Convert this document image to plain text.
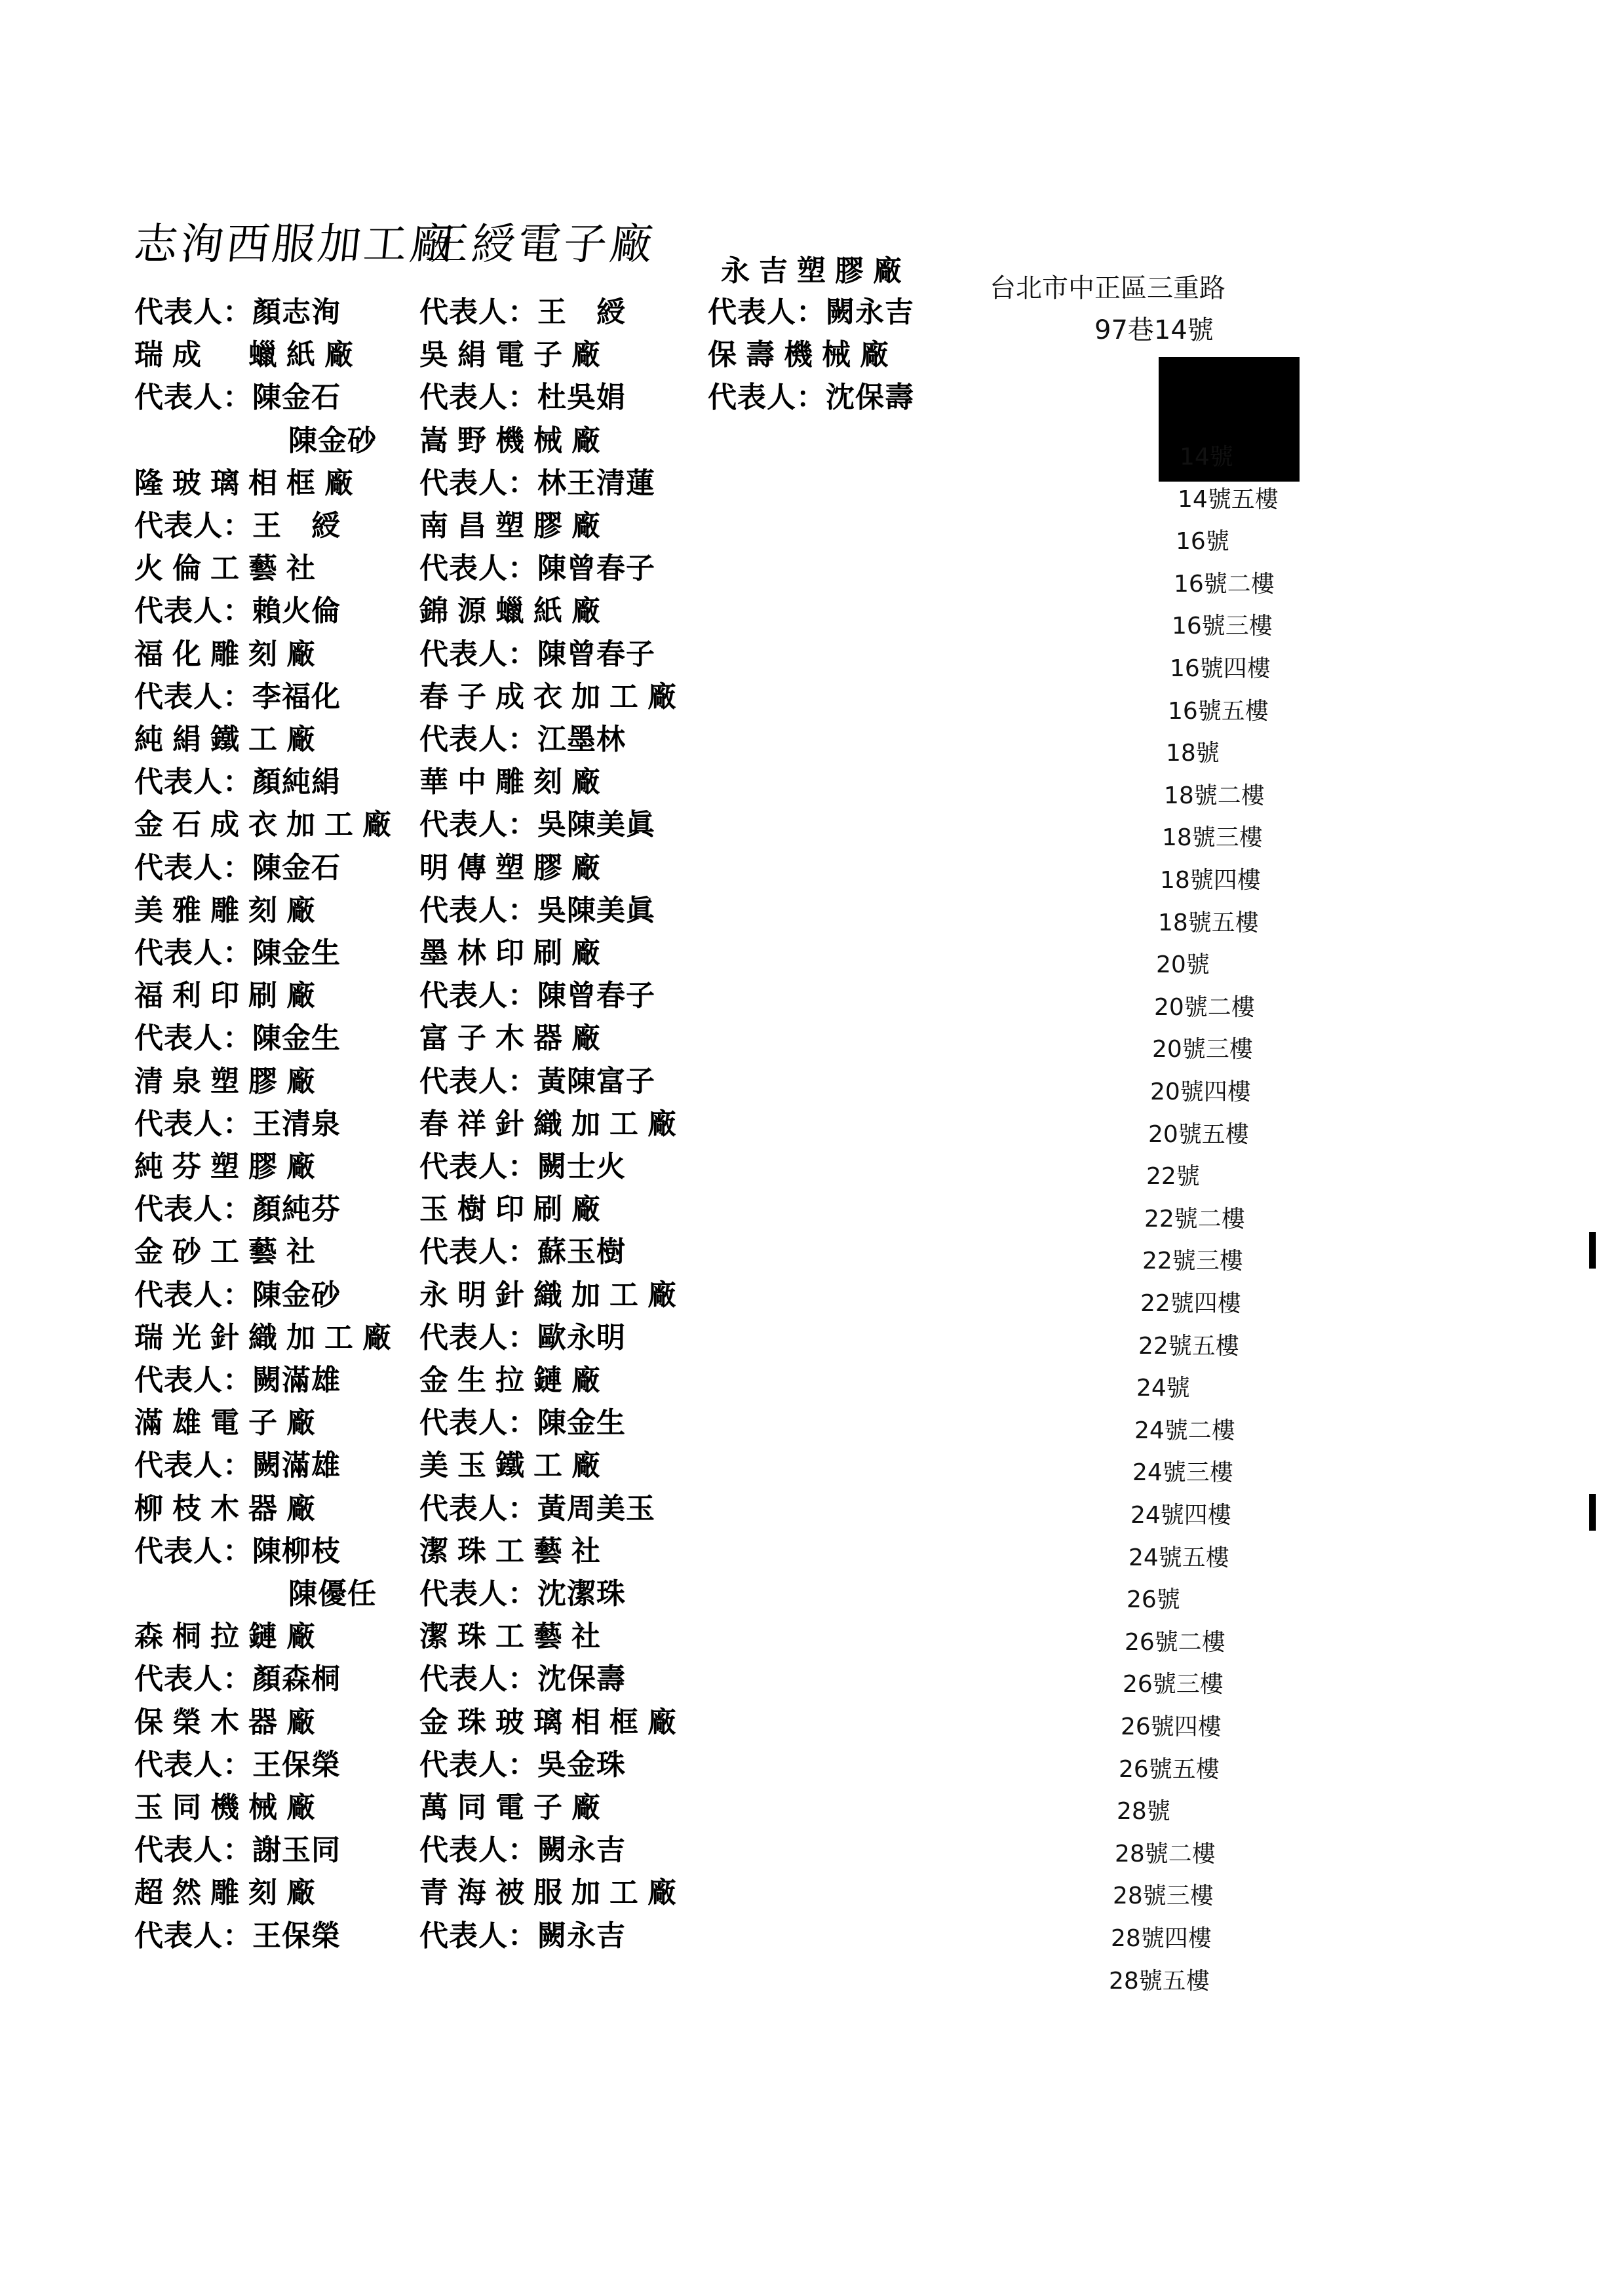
志洵西服加工廠
王綬電子廠
永吉塑膠廠
代表人：顏志洵
瑞成　蠟紙廠
代表人：陳金石
陳金砂
隆玻璃相框廠
代表人：王　綬
火倫工藝社
代表人：賴火倫
福化雕刻廠
代表人：李福化
純絹鐵工廠
代表人：顏純絹
金石成衣加工廠
代表人：陳金石
美雅雕刻廠
代表人：陳金生
福利印刷廠
代表人：陳金生
清泉塑膠廠
代表人：王清泉
純芬塑膠廠
代表人：顏純芬
金砂工藝社
代表人：陳金砂
瑞光針織加工廠
代表人：闕滿雄
滿雄電子廠
代表人：闕滿雄
柳枝木器廠
代表人：陳柳枝
陳優任
森桐拉鏈廠
代表人：顏森桐
保榮木器廠
代表人：王保榮
玉同機械廠
代表人：謝玉同
超然雕刻廠
代表人：王保榮
代表人：王　綬
吳絹電子廠
代表人：杜吳娟
嵩野機械廠
代表人：林王清蓮
南昌塑膠廠
代表人：陳曾春子
錦源蠟紙廠
代表人：陳曾春子
春子成衣加工廠
代表人：江墨林
華中雕刻廠
代表人：吳陳美眞
明傳塑膠廠
代表人：吳陳美眞
墨林印刷廠
代表人：陳曾春子
富子木器廠
代表人：黃陳富子
春祥針織加工廠
代表人：闕士火
玉樹印刷廠
代表人：蘇玉樹
永明針織加工廠
代表人：歐永明
金生拉鏈廠
代表人：陳金生
美玉鐵工廠
代表人：黃周美玉
潔珠工藝社
代表人：沈潔珠
潔珠工藝社
代表人：沈保壽
金珠玻璃相框廠
代表人：吳金珠
萬同電子廠
代表人：闕永吉
青海被服加工廠
代表人：闕永吉
代表人：闕永吉
保壽機械廠
代表人：沈保壽
台北市中正區三重路
97巷14號
14號
14號五樓
16號
16號二樓
16號三樓
16號四樓
16號五樓
18號
18號二樓
18號三樓
18號四樓
18號五樓
20號
20號二樓
20號三樓
20號四樓
20號五樓
22號
22號二樓
22號三樓
22號四樓
22號五樓
24號
24號二樓
24號三樓
24號四樓
24號五樓
26號
26號二樓
26號三樓
26號四樓
26號五樓
28號
28號二樓
28號三樓
28號四樓
28號五樓
